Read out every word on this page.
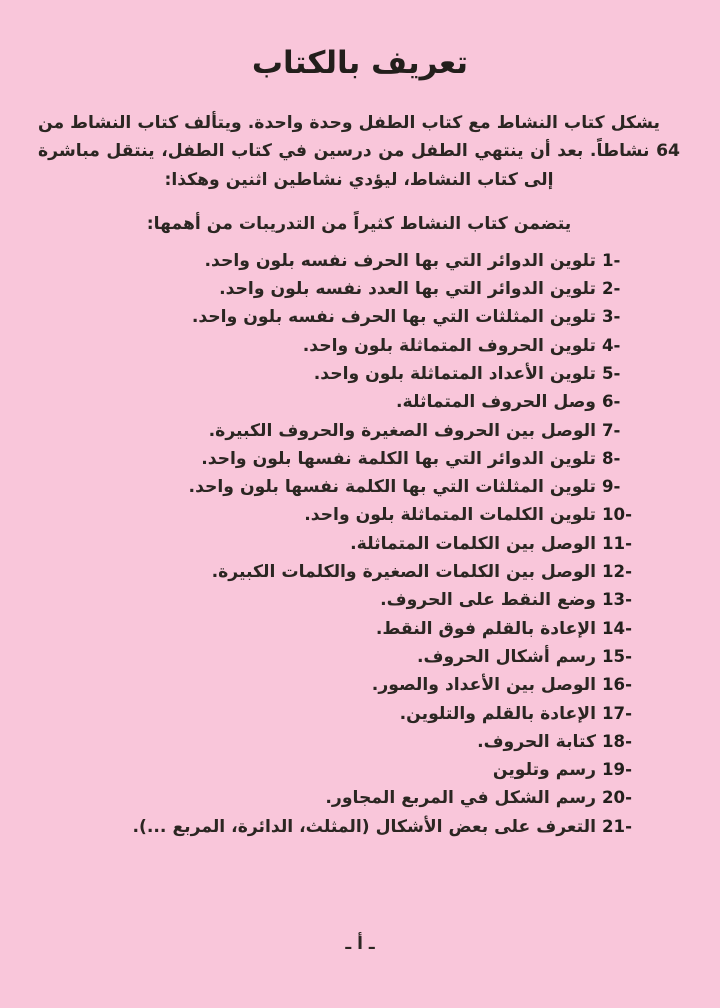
تعريف بالكتاب

يشكل كتاب النشاط مع كتاب الطفل وحدة واحدة. ويتألف كتاب النشاط من 64 نشاطاً. بعد أن ينتهي الطفل من درسين في كتاب الطفل، ينتقل مباشرة إلى كتاب النشاط، ليؤدي نشاطين اثنين وهكذا:

يتضمن كتاب النشاط كثيراً من التدريبات من أهمها:

1-
تلوين الدوائر التي بها الحرف نفسه بلون واحد.
2-
تلوين الدوائر التي بها العدد نفسه بلون واحد.
3-
تلوين المثلثات التي بها الحرف نفسه بلون واحد.
4-
تلوين الحروف المتماثلة بلون واحد.
5-
تلوين الأعداد المتماثلة بلون واحد.
6-
وصل الحروف المتماثلة.
7-
الوصل بين الحروف الصغيرة والحروف الكبيرة.
8-
تلوين الدوائر التي بها الكلمة نفسها بلون واحد.
9-
تلوين المثلثات التي بها الكلمة نفسها بلون واحد.
10-
تلوين الكلمات المتماثلة بلون واحد.
11-
الوصل بين الكلمات المتماثلة.
12-
الوصل بين الكلمات الصغيرة والكلمات الكبيرة.
13-
وضع النقط على الحروف.
14-
الإعادة بالقلم فوق النقط.
15-
رسم أشكال الحروف.
16-
الوصل بين الأعداد والصور.
17-
الإعادة بالقلم والتلوين.
18-
كتابة الحروف.
19-
رسم وتلوين
20-
رسم الشكل في المربع المجاور.
21-
التعرف على بعض الأشكال (المثلث، الدائرة، المربع ...).
ـ أ ـ
